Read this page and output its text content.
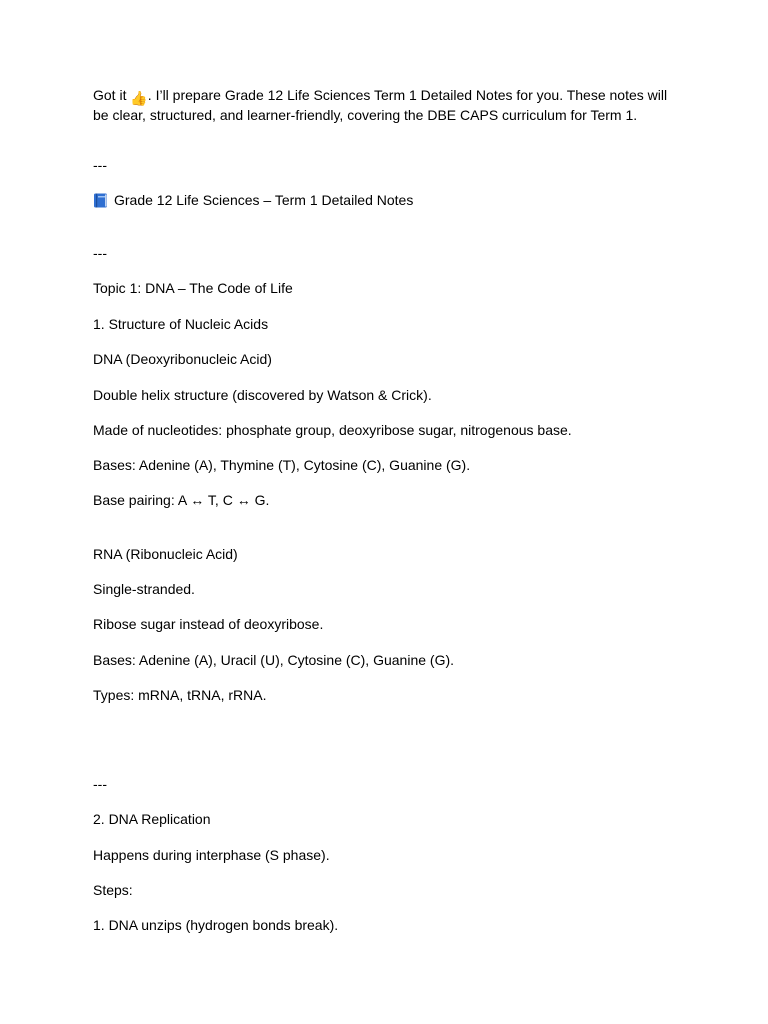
Got it 👍. I’ll prepare Grade 12 Life Sciences Term 1 Detailed Notes for you. These notes will be clear, structured, and learner-friendly, covering the DBE CAPS curriculum for Term 1.
---
Grade 12 Life Sciences – Term 1 Detailed Notes
---
Topic 1: DNA – The Code of Life
1. Structure of Nucleic Acids
DNA (Deoxyribonucleic Acid)
Double helix structure (discovered by Watson & Crick).
Made of nucleotides: phosphate group, deoxyribose sugar, nitrogenous base.
Bases: Adenine (A), Thymine (T), Cytosine (C), Guanine (G).
Base pairing: A ↔ T, C ↔ G.
RNA (Ribonucleic Acid)
Single-stranded.
Ribose sugar instead of deoxyribose.
Bases: Adenine (A), Uracil (U), Cytosine (C), Guanine (G).
Types: mRNA, tRNA, rRNA.
---
2. DNA Replication
Happens during interphase (S phase).
Steps:
1. DNA unzips (hydrogen bonds break).
